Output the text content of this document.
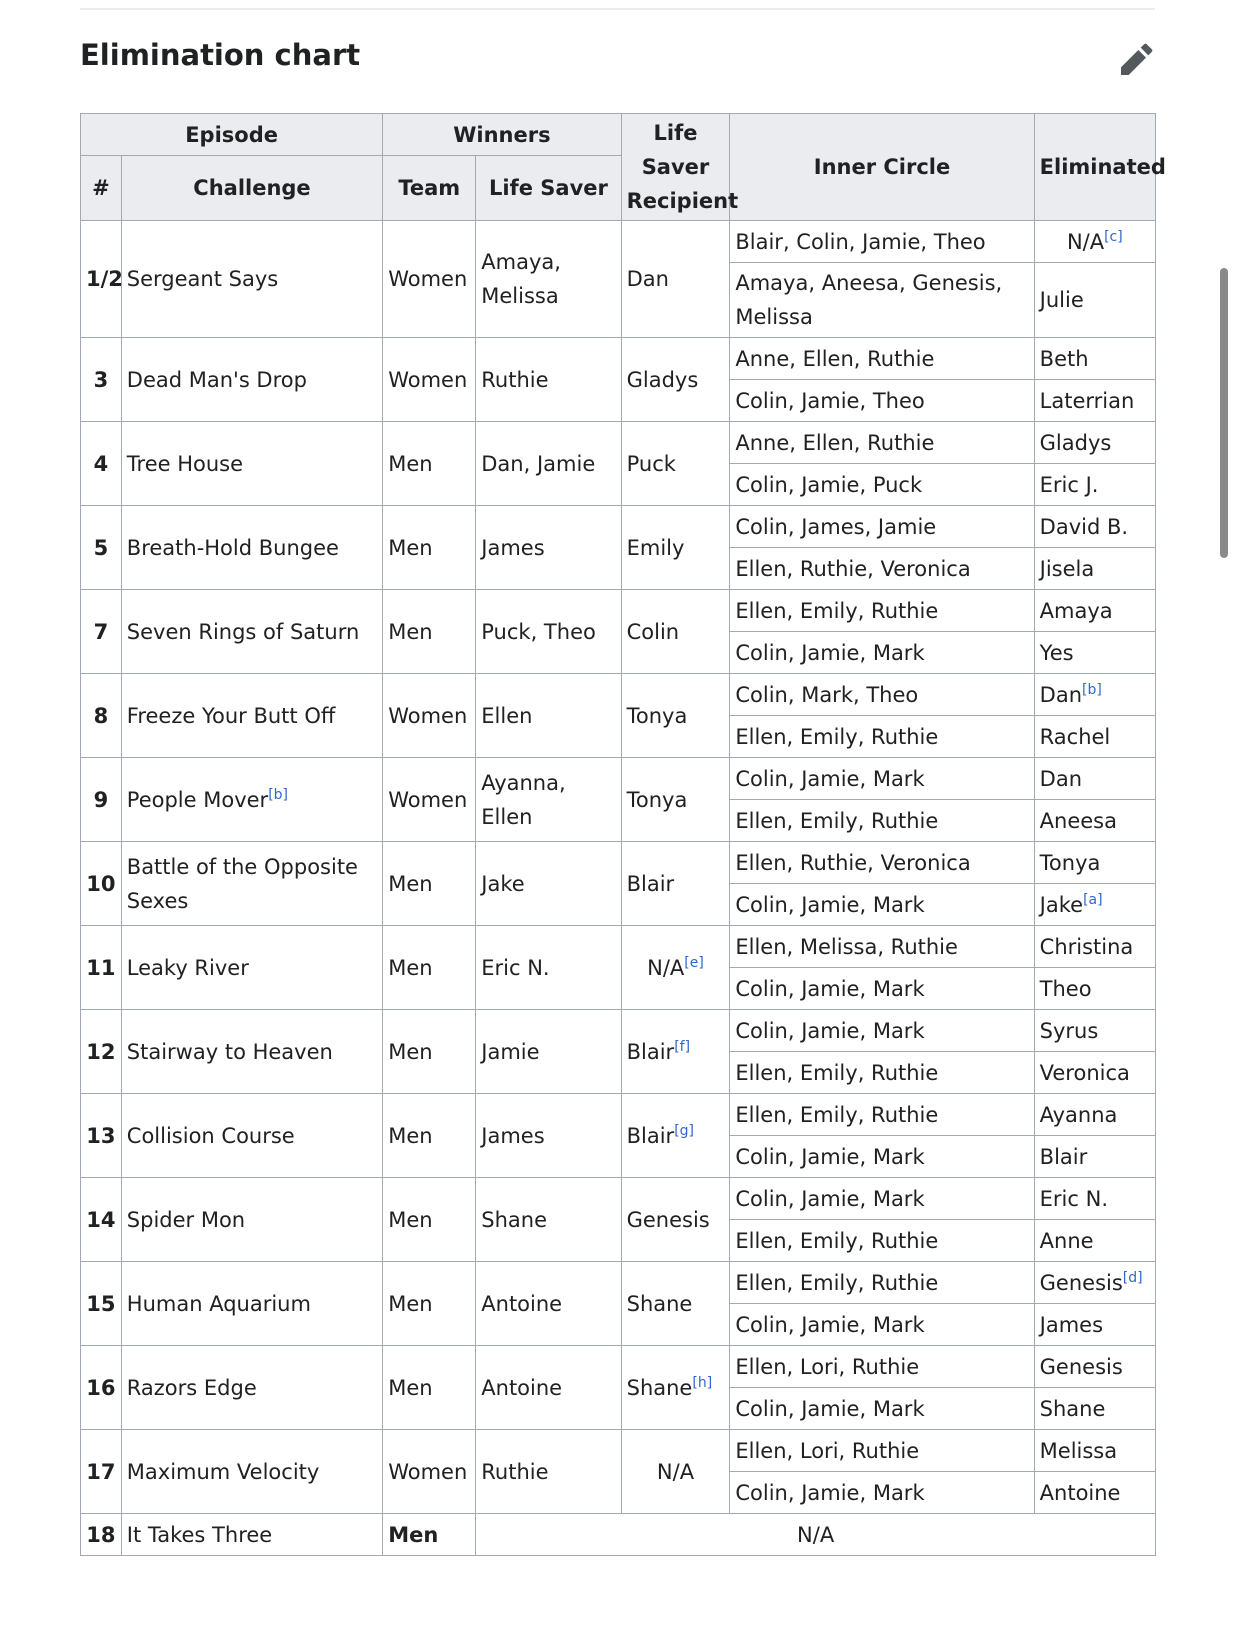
Elimination chart
Episode		Winners		Life Saver Recipient	Inner Circle	Eliminated
#	Challenge	Team	Life Saver			
1/2	Sergeant Says	Women	Amaya, Melissa	Dan	Blair, Colin, Jamie, Theo	N/A[c]
					Amaya, Aneesa, Genesis, Melissa	Julie
3	Dead Man's Drop	Women	Ruthie	Gladys	Anne, Ellen, Ruthie	Beth
					Colin, Jamie, Theo	Laterrian
4	Tree House	Men	Dan, Jamie	Puck	Anne, Ellen, Ruthie	Gladys
					Colin, Jamie, Puck	Eric J.
5	Breath-Hold Bungee	Men	James	Emily	Colin, James, Jamie	David B.
					Ellen, Ruthie, Veronica	Jisela
7	Seven Rings of Saturn	Men	Puck, Theo	Colin	Ellen, Emily, Ruthie	Amaya
					Colin, Jamie, Mark	Yes
8	Freeze Your Butt Off	Women	Ellen	Tonya	Colin, Mark, Theo	Dan[b]
					Ellen, Emily, Ruthie	Rachel
9	People Mover[b]	Women	Ayanna, Ellen	Tonya	Colin, Jamie, Mark	Dan
					Ellen, Emily, Ruthie	Aneesa
10	Battle of the Opposite Sexes	Men	Jake	Blair	Ellen, Ruthie, Veronica	Tonya
					Colin, Jamie, Mark	Jake[a]
11	Leaky River	Men	Eric N.	N/A[e]	Ellen, Melissa, Ruthie	Christina
					Colin, Jamie, Mark	Theo
12	Stairway to Heaven	Men	Jamie	Blair[f]	Colin, Jamie, Mark	Syrus
					Ellen, Emily, Ruthie	Veronica
13	Collision Course	Men	James	Blair[g]	Ellen, Emily, Ruthie	Ayanna
					Colin, Jamie, Mark	Blair
14	Spider Mon	Men	Shane	Genesis	Colin, Jamie, Mark	Eric N.
					Ellen, Emily, Ruthie	Anne
15	Human Aquarium	Men	Antoine	Shane	Ellen, Emily, Ruthie	Genesis[d]
					Colin, Jamie, Mark	James
16	Razors Edge	Men	Antoine	Shane[h]	Ellen, Lori, Ruthie	Genesis
					Colin, Jamie, Mark	Shane
17	Maximum Velocity	Women	Ruthie	N/A	Ellen, Lori, Ruthie	Melissa
					Colin, Jamie, Mark	Antoine
18	It Takes Three	Men	N/A			
